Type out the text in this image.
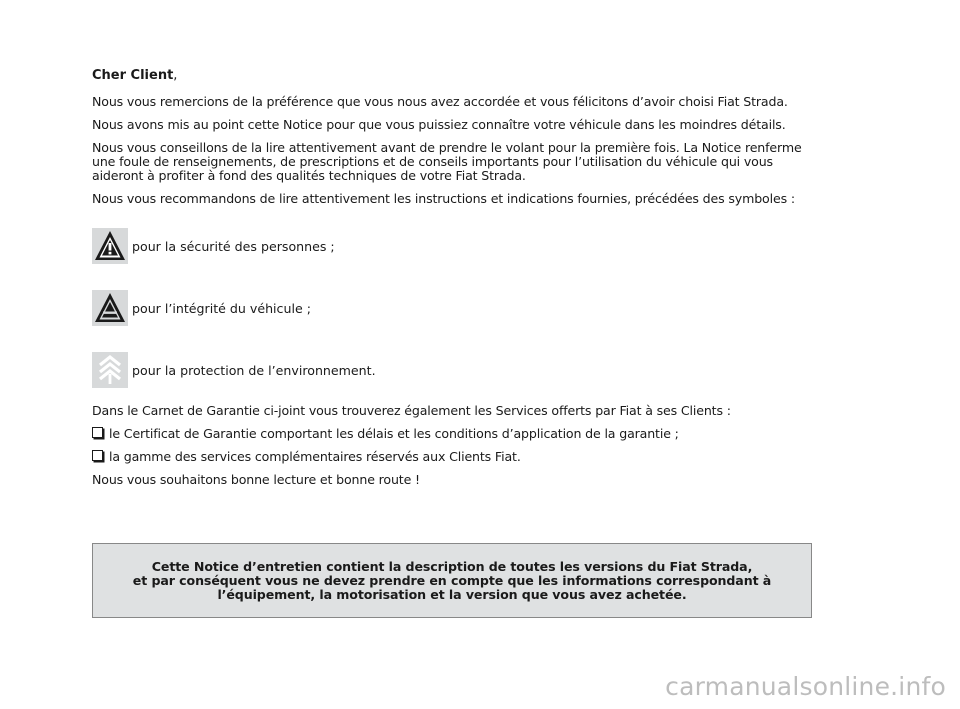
Cher Client,

Nous vous remercions de la préférence que vous nous avez accordée et vous félicitons d’avoir choisi Fiat Strada.

Nous avons mis au point cette Notice pour que vous puissiez connaître votre véhicule dans les moindres détails.

Nous vous conseillons de la lire attentivement avant de prendre le volant pour la première fois. La Notice renferme
une foule de renseignements, de prescriptions et de conseils importants pour l’utilisation du véhicule qui vous
aideront à profiter à fond des qualités techniques de votre Fiat Strada.

Nous vous recommandons de lire attentivement les instructions et indications fournies, précédées des symboles :

pour la sécurité des personnes ;
pour l’intégrité du véhicule ;
pour la protection de l’environnement.

Dans le Carnet de Garantie ci-joint vous trouverez également les Services offerts par Fiat à ses Clients :

le Certificat de Garantie comportant les délais et les conditions d’application de la garantie ;
la gamme des services complémentaires réservés aux Clients Fiat.

Nous vous souhaitons bonne lecture et bonne route !

Cette Notice d’entretien contient la description de toutes les versions du Fiat Strada,
et par conséquent vous ne devez prendre en compte que les informations correspondant à
l’équipement, la motorisation et la version que vous avez achetée.
carmanualsonline.info
